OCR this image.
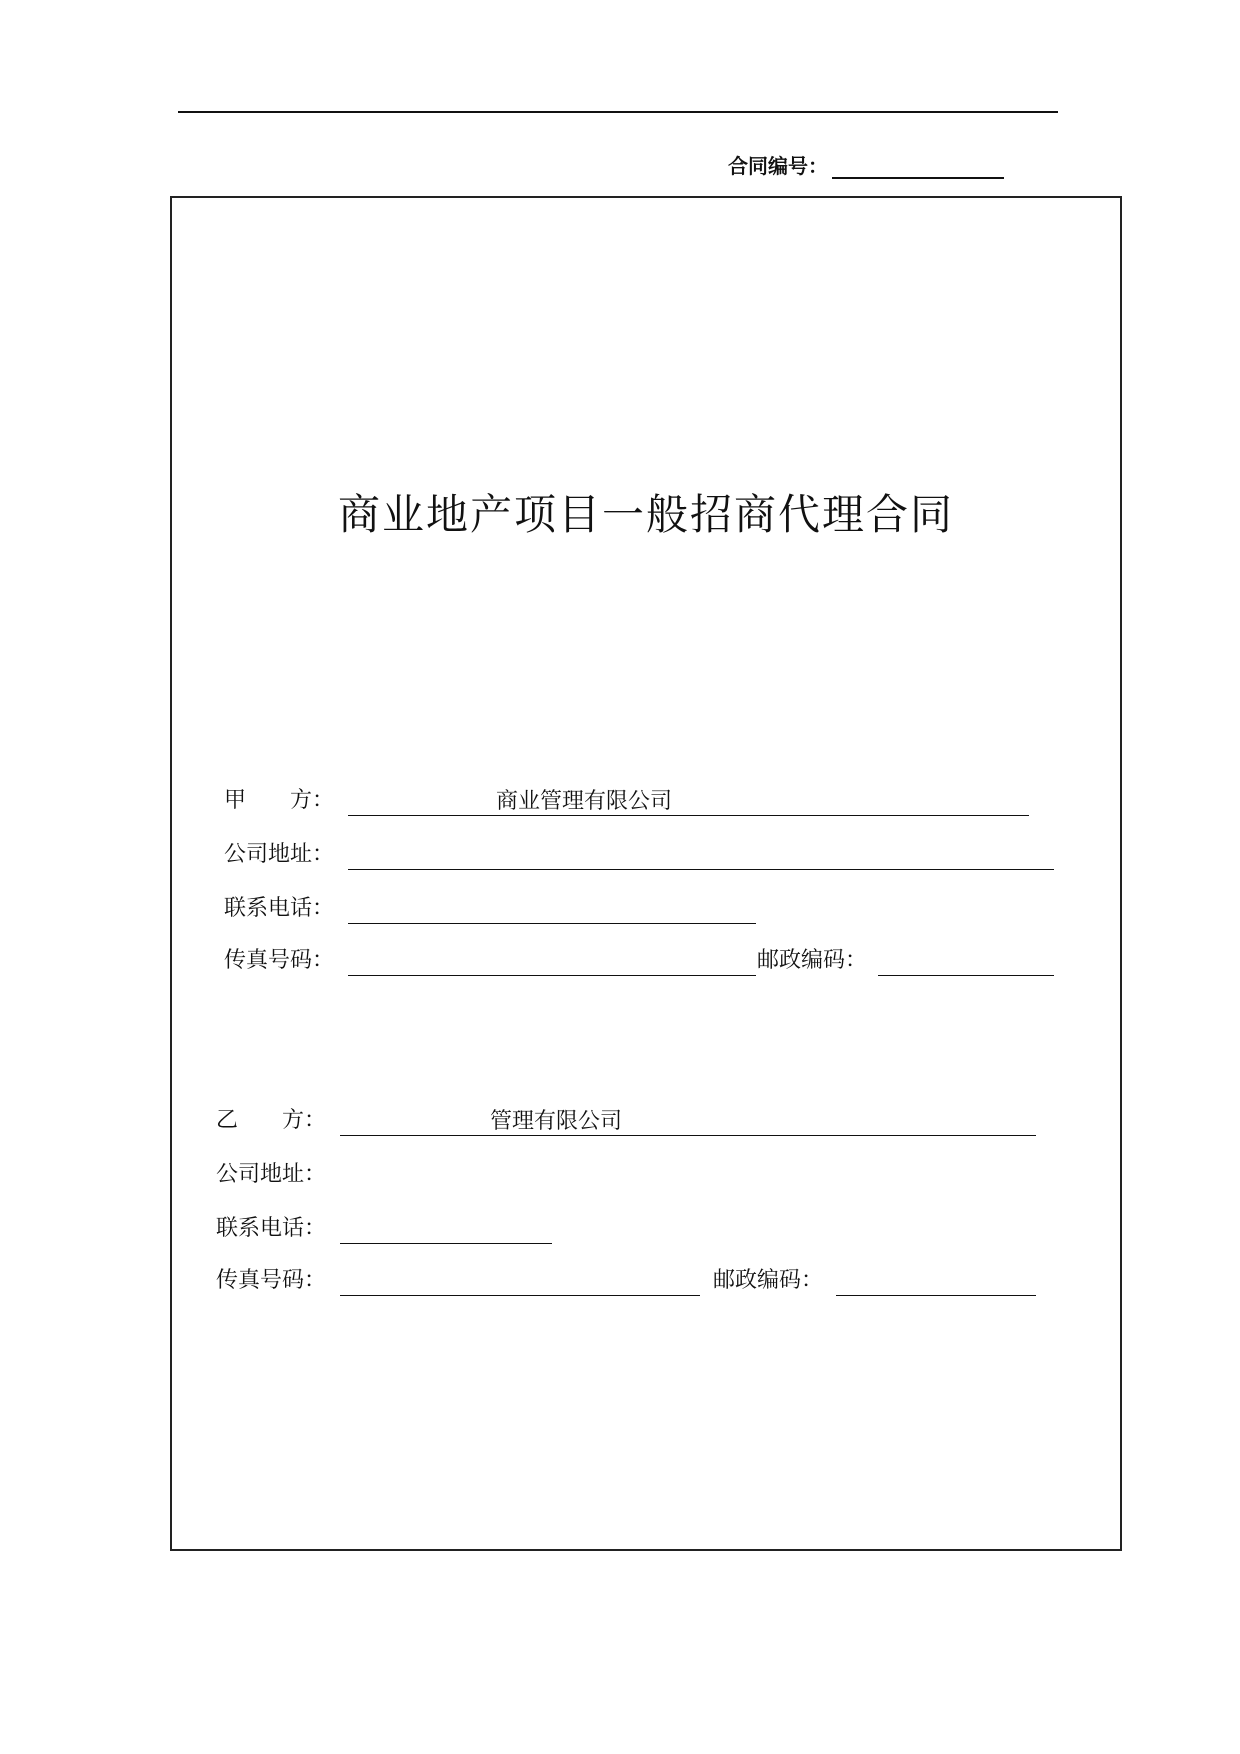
合同编号：
商业地产项目一般招商代理合同
甲　　方：	商业管理有限公司
公司地址：
联系电话：
传真号码：	邮政编码：
乙　　方：	管理有限公司
公司地址：
联系电话：
传真号码：	邮政编码：
